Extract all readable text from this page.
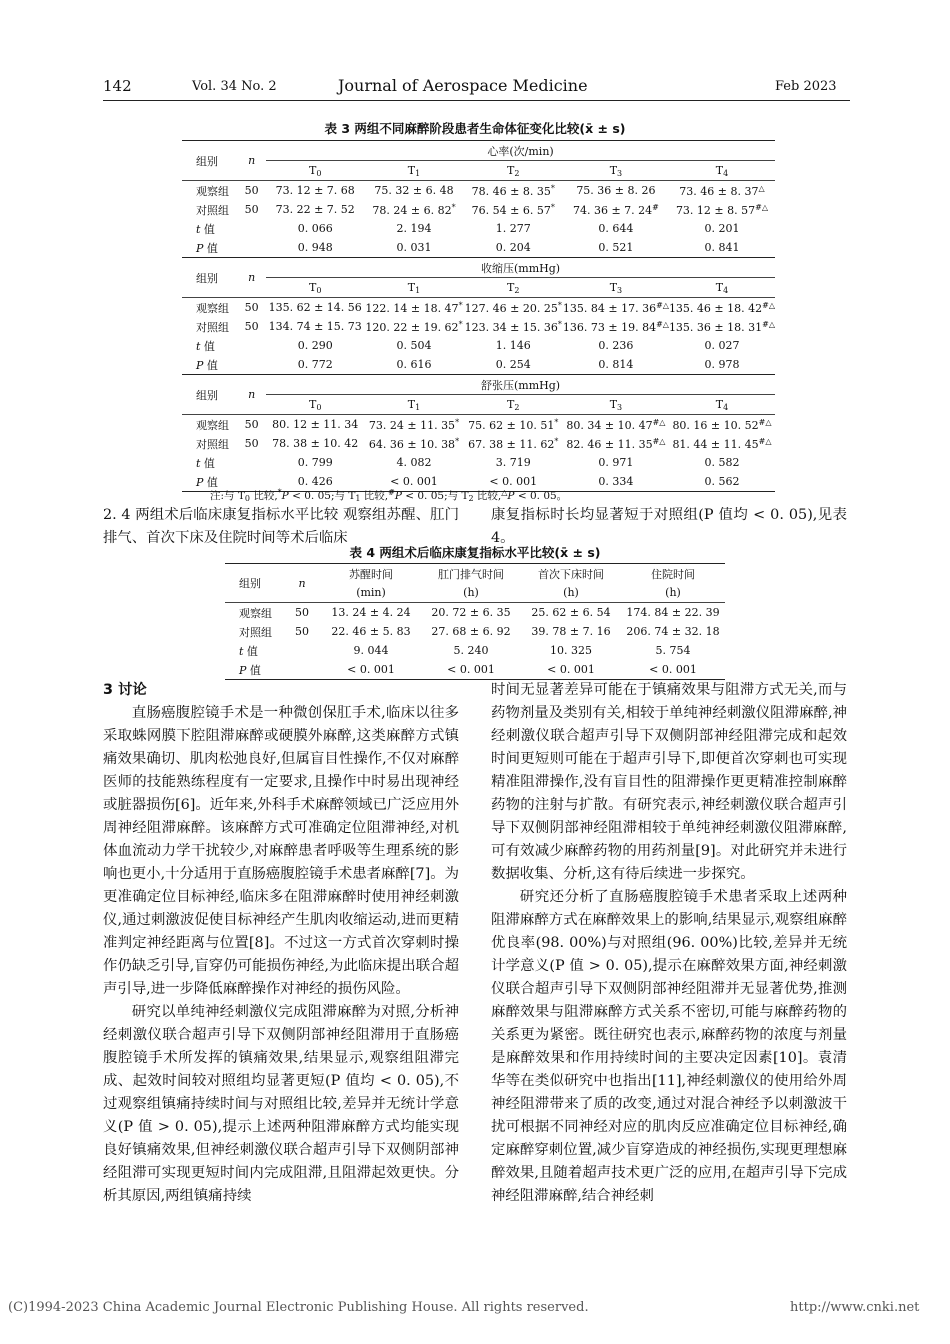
142	Vol. 34 No. 2	Journal of Aerospace Medicine	Feb 2023
表 3 两组不同麻醉阶段患者生命体征变化比较(x̄ ± s)
组别	n	心率(次/min)				
		$T_0$	$T_1$	$T_2$	$T_3$	$T_4$
观察组	50	73. 12 ± 7. 68	75. 32 ± 6. 48	78. 46 ± 8. 35*	75. 36 ± 8. 26	73. 46 ± 8. 37△
对照组	50	73. 22 ± 7. 52	78. 24 ± 6. 82*	76. 54 ± 6. 57*	74. 36 ± 7. 24#	73. 12 ± 8. 57#△
t 值		0. 066	2. 194	1. 277	0. 644	0. 201
P 值		0. 948	0. 031	0. 204	0. 521	0. 841
组别	n	收缩压(mmHg)				
		$T_0$	$T_1$	$T_2$	$T_3$	$T_4$
观察组	50	135. 62 ± 14. 56	122. 14 ± 18. 47*	127. 46 ± 20. 25*	135. 84 ± 17. 36#△	135. 46 ± 18. 42#△
对照组	50	134. 74 ± 15. 73	120. 22 ± 19. 62*	123. 34 ± 15. 36*	136. 73 ± 19. 84#△	135. 36 ± 18. 31#△
t 值		0. 290	0. 504	1. 146	0. 236	0. 027
P 值		0. 772	0. 616	0. 254	0. 814	0. 978
组别	n	舒张压(mmHg)				
		$T_0$	$T_1$	$T_2$	$T_3$	$T_4$
观察组	50	80. 12 ± 11. 34	73. 24 ± 11. 35*	75. 62 ± 10. 51*	80. 34 ± 10. 47#△	80. 16 ± 10. 52#△
对照组	50	78. 38 ± 10. 42	64. 36 ± 10. 38*	67. 38 ± 11. 62*	82. 46 ± 11. 35#△	81. 44 ± 11. 45#△
t 值		0. 799	4. 082	3. 719	0. 971	0. 582
P 值		0. 426	< 0. 001	< 0. 001	0. 334	0. 562
注:与 $T_0$ 比较,*P < 0. 05;与 $T_1$ 比较,#P < 0. 05;与 $T_2$ 比较,△P < 0. 05。

2. 4 两组术后临床康复指标水平比较 观察组苏醒、肛门排气、首次下床及住院时间等术后临床

康复指标时长均显著短于对照组(P 值均 < 0. 05),见表 4。

表 4 两组术后临床康复指标水平比较(x̄ ± s)
组别	n	苏醒时间	肛门排气时间	首次下床时间	住院时间
		(min)	(h)	(h)	(h)
观察组	50	13. 24 ± 4. 24	20. 72 ± 6. 35	25. 62 ± 6. 54	174. 84 ± 22. 39
对照组	50	22. 46 ± 5. 83	27. 68 ± 6. 92	39. 78 ± 7. 16	206. 74 ± 32. 18
t 值		9. 044	5. 240	10. 325	5. 754
P 值		< 0. 001	< 0. 001	< 0. 001	< 0. 001

3 讨论

直肠癌腹腔镜手术是一种微创保肛手术,临床以往多采取蛛网膜下腔阻滞麻醉或硬膜外麻醉,这类麻醉方式镇痛效果确切、肌肉松弛良好,但属盲目性操作,不仅对麻醉医师的技能熟练程度有一定要求,且操作中时易出现神经或脏器损伤[6]。近年来,外科手术麻醉领域已广泛应用外周神经阻滞麻醉。该麻醉方式可准确定位阻滞神经,对机体血流动力学干扰较少,对麻醉患者呼吸等生理系统的影响也更小,十分适用于直肠癌腹腔镜手术患者麻醉[7]。为更准确定位目标神经,临床多在阻滞麻醉时使用神经刺激仪,通过刺激波促使目标神经产生肌肉收缩运动,进而更精准判定神经距离与位置[8]。不过这一方式首次穿刺时操作仍缺乏引导,盲穿仍可能损伤神经,为此临床提出联合超声引导,进一步降低麻醉操作对神经的损伤风险。

研究以单纯神经刺激仪完成阻滞麻醉为对照,分析神经刺激仪联合超声引导下双侧阴部神经阻滞用于直肠癌腹腔镜手术所发挥的镇痛效果,结果显示,观察组阻滞完成、起效时间较对照组均显著更短(P 值均 < 0. 05),不过观察组镇痛持续时间与对照组比较,差异并无统计学意义(P 值 > 0. 05),提示上述两种阻滞麻醉方式均能实现良好镇痛效果,但神经刺激仪联合超声引导下双侧阴部神经阻滞可实现更短时间内完成阻滞,且阻滞起效更快。分析其原因,两组镇痛持续

时间无显著差异可能在于镇痛效果与阻滞方式无关,而与药物剂量及类别有关,相较于单纯神经刺激仪阻滞麻醉,神经刺激仪联合超声引导下双侧阴部神经阻滞完成和起效时间更短则可能在于超声引导下,即便首次穿刺也可实现精准阻滞操作,没有盲目性的阻滞操作更更精准控制麻醉药物的注射与扩散。有研究表示,神经刺激仪联合超声引导下双侧阴部神经阻滞相较于单纯神经刺激仪阻滞麻醉,可有效减少麻醉药物的用药剂量[9]。对此研究并未进行数据收集、分析,这有待后续进一步探究。

研究还分析了直肠癌腹腔镜手术患者采取上述两种阻滞麻醉方式在麻醉效果上的影响,结果显示,观察组麻醉优良率(98. 00%)与对照组(96. 00%)比较,差异并无统计学意义(P 值 > 0. 05),提示在麻醉效果方面,神经刺激仪联合超声引导下双侧阴部神经阻滞并无显著优势,推测麻醉效果与阻滞麻醉方式关系不密切,可能与麻醉药物的关系更为紧密。既往研究也表示,麻醉药物的浓度与剂量是麻醉效果和作用持续时间的主要决定因素[10]。袁清华等在类似研究中也指出[11],神经刺激仪的使用给外周神经阻滞带来了质的改变,通过对混合神经予以刺激波干扰可根据不同神经对应的肌肉反应准确定位目标神经,确定麻醉穿刺位置,减少盲穿造成的神经损伤,实现更理想麻醉效果,且随着超声技术更广泛的应用,在超声引导下完成神经阻滞麻醉,结合神经刺

(C)1994-2023 China Academic Journal Electronic Publishing House. All rights reserved.	http://www.cnki.net
